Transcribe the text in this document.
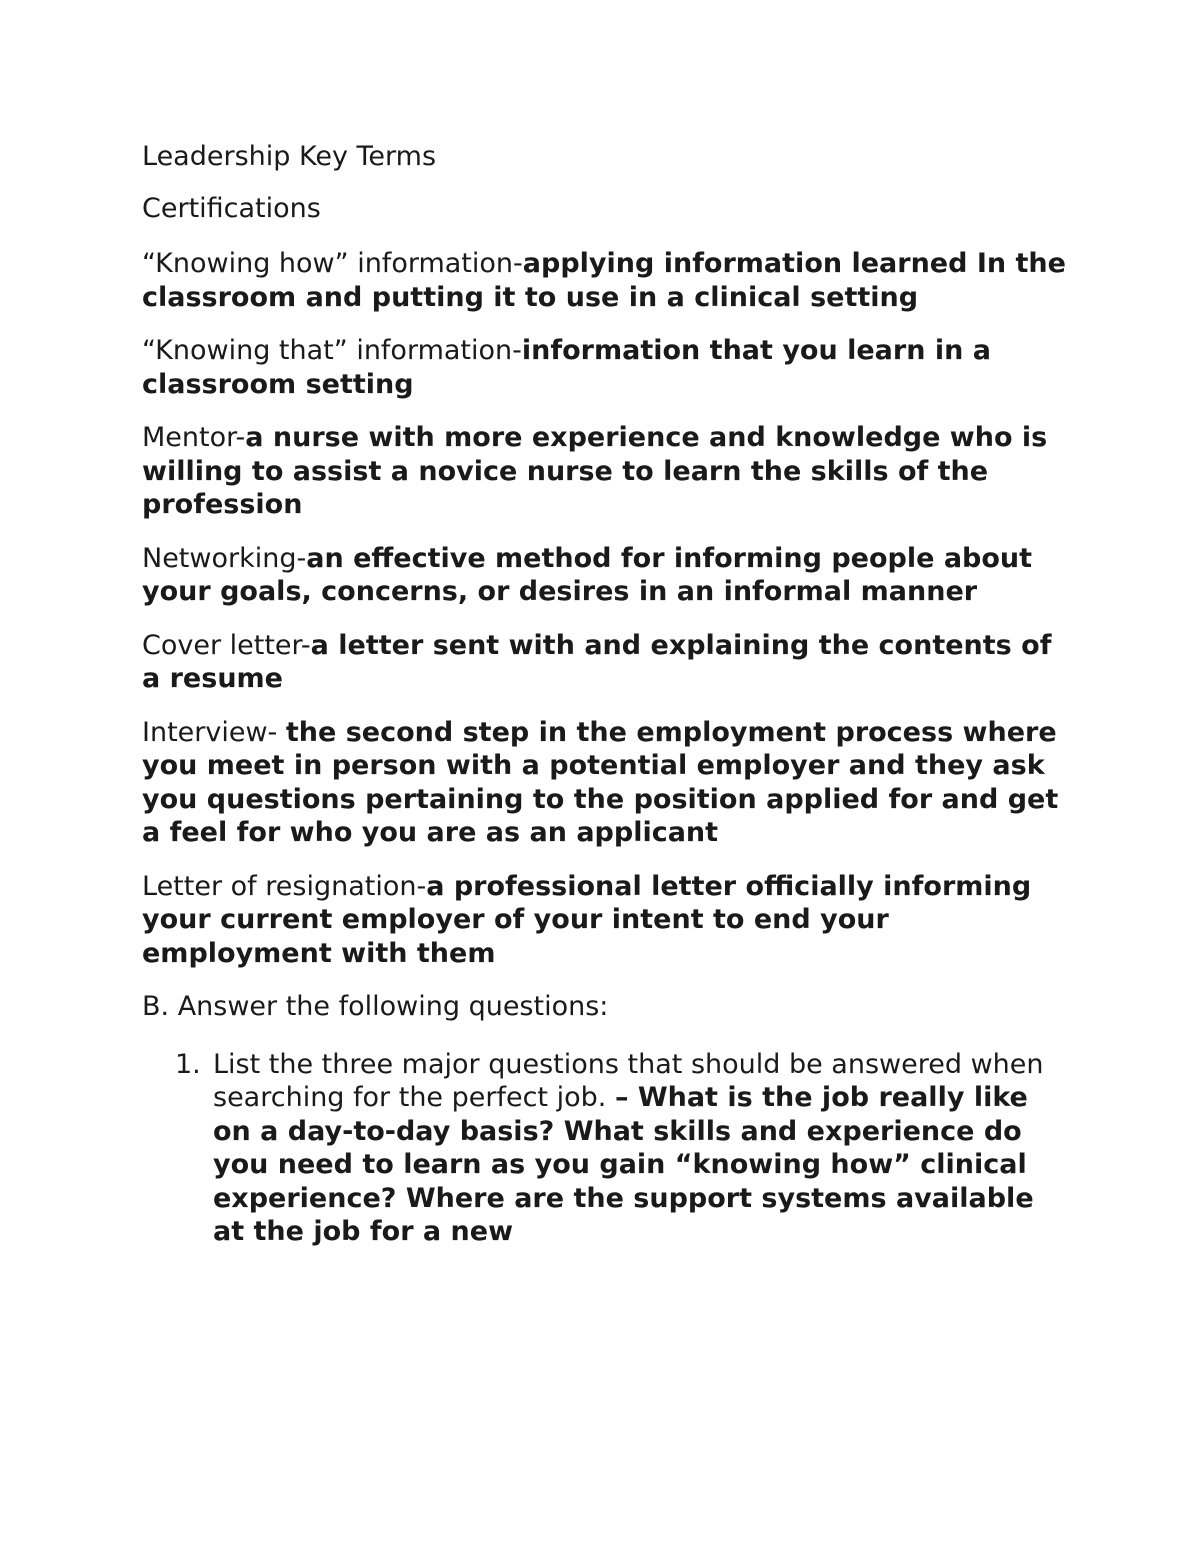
Leadership Key Terms

Certifications

“Knowing how” information-applying information learned In the classroom and putting it to use in a clinical setting

“Knowing that” information-information that you learn in a classroom setting

Mentor-a nurse with more experience and knowledge who is willing to assist a novice nurse to learn the skills of the profession

Networking-an effective method for informing people about your goals, concerns, or desires in an informal manner

Cover letter-a letter sent with and explaining the contents of a resume

Interview- the second step in the employment process where you meet in person with a potential employer and they ask you questions pertaining to the position applied for and get a feel for who you are as an applicant

Letter of resignation-a professional letter officially informing your current employer of your intent to end your employment with them

B. Answer the following questions:

1. List the three major questions that should be answered when searching for the perfect job. – What is the job really like on a day-to-day basis? What skills and experience do you need to learn as you gain “knowing how” clinical experience? Where are the support systems available at the job for a new
